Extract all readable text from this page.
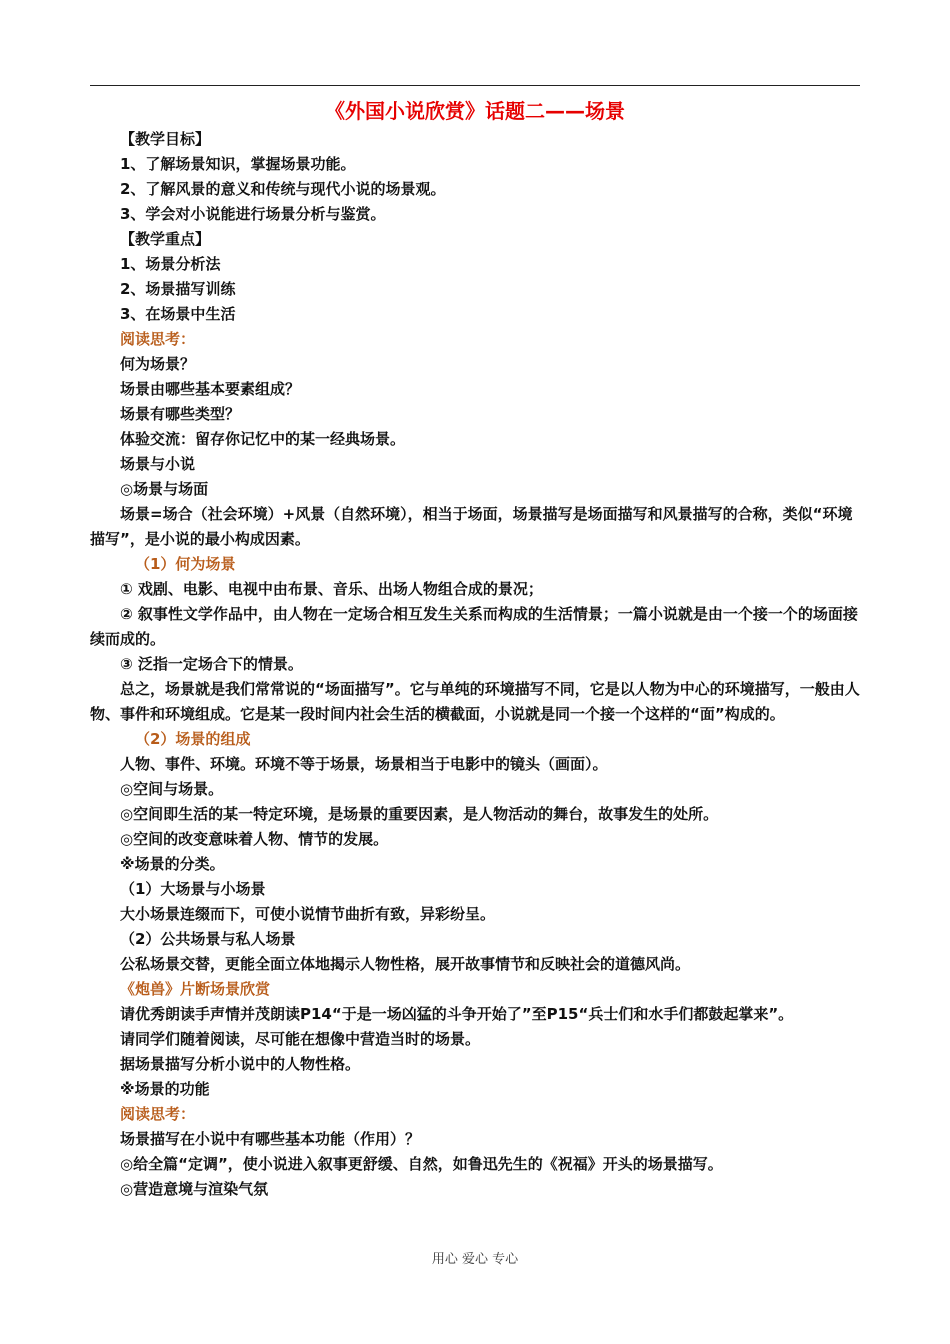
《外国小说欣赏》话题二——场景
【教学目标】
1、了解场景知识，掌握场景功能。
2、了解风景的意义和传统与现代小说的场景观。
3、学会对小说能进行场景分析与鉴赏。
【教学重点】
1、场景分析法
2、场景描写训练
3、在场景中生活
阅读思考：
何为场景？
场景由哪些基本要素组成？
场景有哪些类型？
体验交流：留存你记忆中的某一经典场景。
场景与小说
◎场景与场面
场景=场合（社会环境）+风景（自然环境），相当于场面，场景描写是场面描写和风景描写的合称，类似“环境描写”，是小说的最小构成因素。
（1）何为场景
① 戏剧、电影、电视中由布景、音乐、出场人物组合成的景况；
② 叙事性文学作品中，由人物在一定场合相互发生关系而构成的生活情景；一篇小说就是由一个接一个的场面接续而成的。
③ 泛指一定场合下的情景。
总之，场景就是我们常常说的“场面描写”。它与单纯的环境描写不同，它是以人物为中心的环境描写，一般由人物、事件和环境组成。它是某一段时间内社会生活的横截面，小说就是同一个接一个这样的“面”构成的。
（2）场景的组成
人物、事件、环境。环境不等于场景，场景相当于电影中的镜头（画面）。
◎空间与场景。
◎空间即生活的某一特定环境，是场景的重要因素，是人物活动的舞台，故事发生的处所。
◎空间的改变意味着人物、情节的发展。
※场景的分类。
（1）大场景与小场景
大小场景连缀而下，可使小说情节曲折有致，异彩纷呈。
（2）公共场景与私人场景
公私场景交替，更能全面立体地揭示人物性格，展开故事情节和反映社会的道德风尚。
《炮兽》片断场景欣赏
请优秀朗读手声情并茂朗读P14“于是一场凶猛的斗争开始了”至P15“兵士们和水手们都鼓起掌来”。
请同学们随着阅读，尽可能在想像中营造当时的场景。
据场景描写分析小说中的人物性格。
※场景的功能
阅读思考：
场景描写在小说中有哪些基本功能（作用）？
◎给全篇“定调”，使小说进入叙事更舒缓、自然，如鲁迅先生的《祝福》开头的场景描写。
◎营造意境与渲染气氛
用心 爱心 专心
